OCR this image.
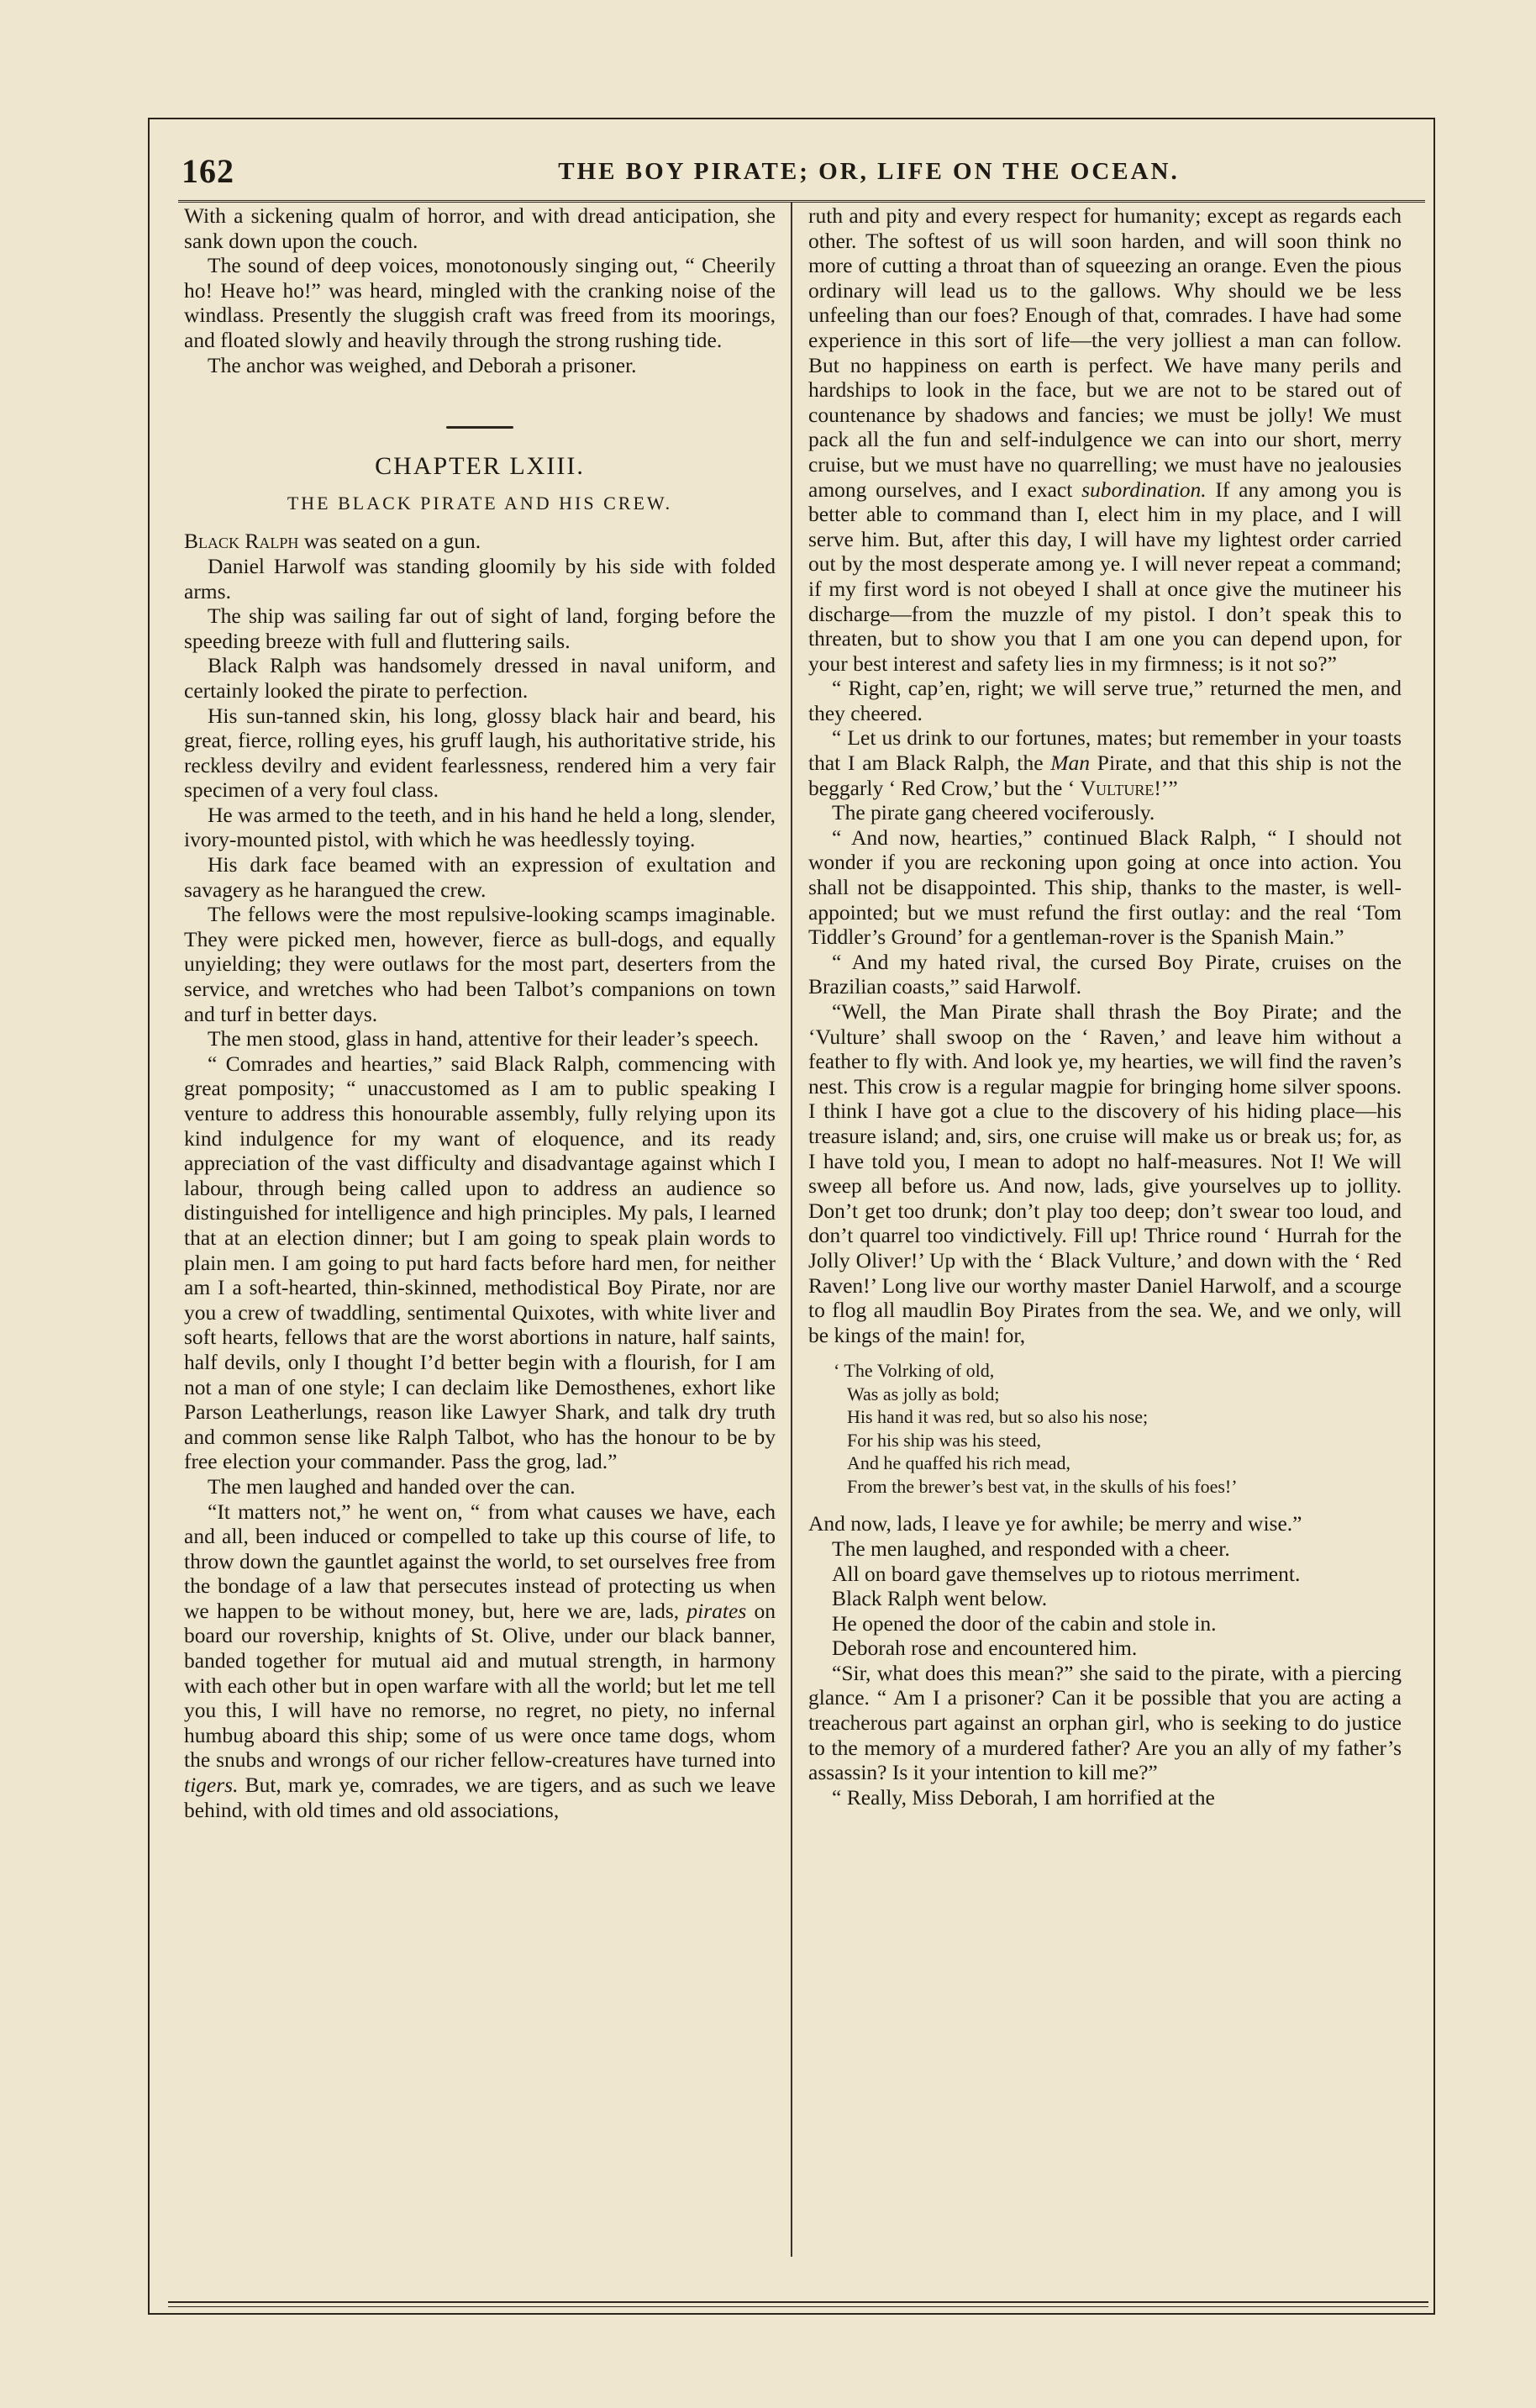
162	THE BOY PIRATE; OR, LIFE ON THE OCEAN.

With a sickening qualm of horror, and with dread anticipation, she sank down upon the couch.

The sound of deep voices, monotonously singing out, “ Cheerily ho! Heave ho!” was heard, mingled with the cranking noise of the windlass. Presently the sluggish craft was freed from its moorings, and floated slowly and heavily through the strong rushing tide.

The anchor was weighed, and Deborah a prisoner.

CHAPTER LXIII.
THE BLACK PIRATE AND HIS CREW.

Black Ralph was seated on a gun.

Daniel Harwolf was standing gloomily by his side with folded arms.

The ship was sailing far out of sight of land, forging before the speeding breeze with full and fluttering sails.

Black Ralph was handsomely dressed in naval uniform, and certainly looked the pirate to perfection.

His sun-tanned skin, his long, glossy black hair and beard, his great, fierce, rolling eyes, his gruff laugh, his authoritative stride, his reckless devilry and evident fearlessness, rendered him a very fair specimen of a very foul class.

He was armed to the teeth, and in his hand he held a long, slender, ivory-mounted pistol, with which he was heedlessly toying.

His dark face beamed with an expression of exultation and savagery as he harangued the crew.

The fellows were the most repulsive-looking scamps imaginable. They were picked men, however, fierce as bull-dogs, and equally unyielding; they were outlaws for the most part, deserters from the service, and wretches who had been Talbot’s companions on town and turf in better days.

The men stood, glass in hand, attentive for their leader’s speech.

“ Comrades and hearties,” said Black Ralph, commencing with great pomposity; “ unaccustomed as I am to public speaking I venture to address this honourable assembly, fully relying upon its kind indulgence for my want of eloquence, and its ready appreciation of the vast difficulty and disadvantage against which I labour, through being called upon to address an audience so distinguished for intelligence and high principles. My pals, I learned that at an election dinner; but I am going to speak plain words to plain men. I am going to put hard facts before hard men, for neither am I a soft-hearted, thin-skinned, methodistical Boy Pirate, nor are you a crew of twaddling, sentimental Quixotes, with white liver and soft hearts, fellows that are the worst abortions in nature, half saints, half devils, only I thought I’d better begin with a flourish, for I am not a man of one style; I can declaim like Demosthenes, exhort like Parson Leatherlungs, reason like Lawyer Shark, and talk dry truth and common sense like Ralph Talbot, who has the honour to be by free election your commander. Pass the grog, lad.”

The men laughed and handed over the can.

“It matters not,” he went on, “ from what causes we have, each and all, been induced or compelled to take up this course of life, to throw down the gauntlet against the world, to set ourselves free from the bondage of a law that persecutes instead of protecting us when we happen to be without money, but, here we are, lads, pirates on board our rovership, knights of St. Olive, under our black banner, banded together for mutual aid and mutual strength, in harmony with each other but in open warfare with all the world; but let me tell you this, I will have no remorse, no regret, no piety, no infernal humbug aboard this ship; some of us were once tame dogs, whom the snubs and wrongs of our richer fellow-creatures have turned into tigers. But, mark ye, comrades, we are tigers, and as such we leave behind, with old times and old associations,

ruth and pity and every respect for humanity; except as regards each other. The softest of us will soon harden, and will soon think no more of cutting a throat than of squeezing an orange. Even the pious ordinary will lead us to the gallows. Why should we be less unfeeling than our foes? Enough of that, comrades. I have had some experience in this sort of life—the very jolliest a man can follow. But no happiness on earth is perfect. We have many perils and hardships to look in the face, but we are not to be stared out of countenance by shadows and fancies; we must be jolly! We must pack all the fun and self-indulgence we can into our short, merry cruise, but we must have no quarrelling; we must have no jealousies among ourselves, and I exact subordination. If any among you is better able to command than I, elect him in my place, and I will serve him. But, after this day, I will have my lightest order carried out by the most desperate among ye. I will never repeat a command; if my first word is not obeyed I shall at once give the mutineer his discharge—from the muzzle of my pistol. I don’t speak this to threaten, but to show you that I am one you can depend upon, for your best interest and safety lies in my firmness; is it not so?”

“ Right, cap’en, right; we will serve true,” returned the men, and they cheered.

“ Let us drink to our fortunes, mates; but remember in your toasts that I am Black Ralph, the Man Pirate, and that this ship is not the beggarly ‘ Red Crow,’ but the ‘ Vulture!’”

The pirate gang cheered vociferously.

“ And now, hearties,” continued Black Ralph, “ I should not wonder if you are reckoning upon going at once into action. You shall not be disappointed. This ship, thanks to the master, is well-appointed; but we must refund the first outlay: and the real ‘Tom Tiddler’s Ground’ for a gentleman-rover is the Spanish Main.”

“ And my hated rival, the cursed Boy Pirate, cruises on the Brazilian coasts,” said Harwolf.

“Well, the Man Pirate shall thrash the Boy Pirate; and the ‘Vulture’ shall swoop on the ‘ Raven,’ and leave him without a feather to fly with. And look ye, my hearties, we will find the raven’s nest. This crow is a regular magpie for bringing home silver spoons. I think I have got a clue to the discovery of his hiding place—his treasure island; and, sirs, one cruise will make us or break us; for, as I have told you, I mean to adopt no half-measures. Not I! We will sweep all before us. And now, lads, give yourselves up to jollity. Don’t get too drunk; don’t play too deep; don’t swear too loud, and don’t quarrel too vindictively. Fill up! Thrice round ‘ Hurrah for the Jolly Oliver!’ Up with the ‘ Black Vulture,’ and down with the ‘ Red Raven!’ Long live our worthy master Daniel Harwolf, and a scourge to flog all maudlin Boy Pirates from the sea. We, and we only, will be kings of the main! for,

‘ The Volrking of old,
Was as jolly as bold;
His hand it was red, but so also his nose;
For his ship was his steed,
And he quaffed his rich mead,
From the brewer’s best vat, in the skulls of his foes!’

And now, lads, I leave ye for awhile; be merry and wise.”

The men laughed, and responded with a cheer.

All on board gave themselves up to riotous merriment.

Black Ralph went below.

He opened the door of the cabin and stole in.

Deborah rose and encountered him.

“Sir, what does this mean?” she said to the pirate, with a piercing glance. “ Am I a prisoner? Can it be possible that you are acting a treacherous part against an orphan girl, who is seeking to do justice to the memory of a murdered father? Are you an ally of my father’s assassin? Is it your intention to kill me?”

“ Really, Miss Deborah, I am horrified at the
